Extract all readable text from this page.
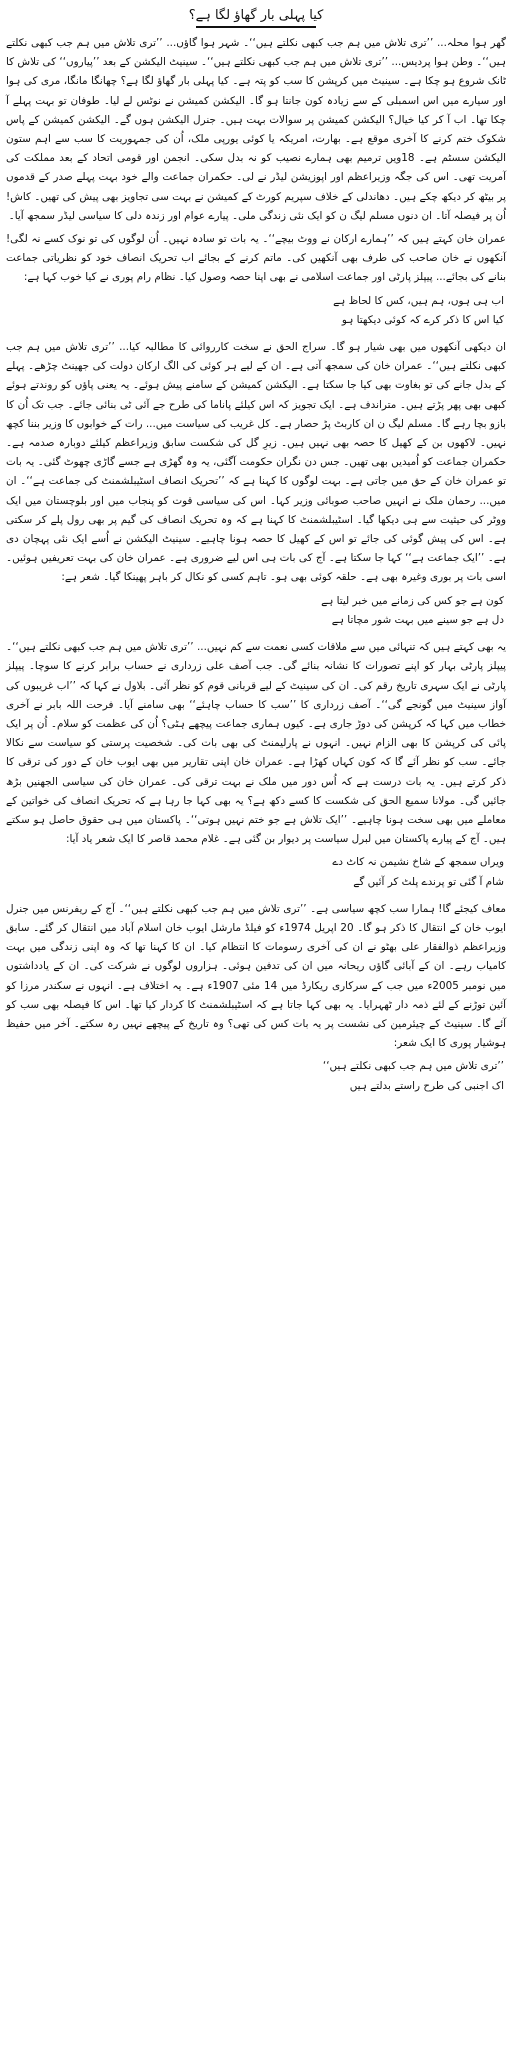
کیا پہلی بار گھاؤ لگا ہے؟

گھر ہوا محلہ... ’’تری تلاش میں ہم جب کبھی نکلتے ہیں‘‘۔ شہر ہوا گاؤں... ’’تری تلاش میں ہم جب کبھی نکلتے ہیں‘‘۔ وطن ہوا پردیس... ’’تری تلاش میں ہم جب کبھی نکلتے ہیں‘‘۔ سینیٹ الیکشن کے بعد ’’پیاروں‘‘ کی تلاش کا ٹانک شروع ہو چکا ہے۔ سینیٹ میں کرپشن کا سب کو پتہ ہے۔ کیا پہلی بار گھاؤ لگا ہے؟ چھانگا مانگا، مری کی ہوا اور سیارے میں اس اسمبلی کے سے زیادہ کون جانتا ہو گا۔ الیکشن کمیشن نے نوٹس لے لیا۔ طوفان تو بہت پہلے آ چکا تھا۔ اب آ کر کیا خیال؟ الیکشن کمیشن پر سوالات بہت ہیں۔ جنرل الیکشن ہوں گے۔ الیکشن کمیشن کے پاس شکوک ختم کرنے کا آخری موقع ہے۔ بھارت، امریکہ یا کوئی یورپی ملک، اُن کی جمہوریت کا سب سے اہم ستون الیکشن سسٹم ہے۔ 18ویں ترمیم بھی ہمارے نصیب کو نہ بدل سکی۔ انجمن اور قومی اتحاد کے بعد مملکت کی آمریت تھی۔ اس کی جگہ وزیراعظم اور اپوزیشن لیڈر نے لی۔ حکمران جماعت والے خود بہت پہلے صدر کے قدموں پر بیٹھ کر دیکھ چکے ہیں۔ دھاندلی کے خلاف سپریم کورٹ کے کمیشن نے بہت سی تجاویز بھی پیش کی تھیں۔ کاش! اُن پر فیصلہ آتا۔ ان دنوں مسلم لیگ ن کو ایک نئی زندگی ملی۔ پیارے عوام اور زندہ دلی کا سیاسی لیڈر سمجھ آیا۔

عمران خان کہتے ہیں کہ ’’ہمارے ارکان نے ووٹ بیچے‘‘۔ یہ بات تو سادہ نہیں۔ اُن لوگوں کی تو نوک کسے نہ لگی! آنکھوں نے خان صاحب کی طرف بھی آنکھیں کی۔ ماتم کرنے کے بجائے اب تحریک انصاف خود کو نظریاتی جماعت بنانے کی بجائے... پیپلز پارٹی اور جماعت اسلامی نے بھی اپنا حصہ وصول کیا۔ نظام رام پوری نے کیا خوب کہا ہے:

اب ہی ہوں، ہم ہیں، کس کا لحاظ ہے
کیا اس کا ذکر کرے کہ کوئی دیکھتا ہو

ان دیکھی آنکھوں میں بھی شیار ہو گا۔ سراج الحق نے سخت کارروائی کا مطالبہ کیا... ’’تری تلاش میں ہم جب کبھی نکلتے ہیں‘‘۔ عمران خان کی سمجھ آتی ہے۔ ان کے لیے ہر کوئی کی الگ ارکان دولت کی جھینٹ چڑھے۔ پہلے کے بدل جانے کی تو بغاوت بھی کیا جا سکتا ہے۔ الیکشن کمیشن کے سامنے پیش ہوئے۔ یہ یعنی پاؤں کو روندتے ہوئے کبھی بھی پھر پڑتے ہیں۔ متراندف ہے۔ ایک تجویز کہ اس کیلئے پاناما کی طرح جے آئی ٹی بنائی جائے۔ جب تک اُن کا بازو بچا رہے گا۔ مسلم لیگ ن ان کاربٹ پڑ حصار ہے۔ کل غریب کی سیاست میں... رات کے خوابوں کا وزیر بننا کچھ نہیں۔ لاکھوں بن کے کھیل کا حصہ بھی نہیں ہیں۔ زیرِ گل کی شکست سابق وزیراعظم کیلئے دوبارہ صدمہ ہے۔ حکمران جماعت کو اُمیدیں بھی تھیں۔ جس دن نگران حکومت آگئی، یہ وہ گھڑی ہے جسے گاڑی چھوٹ گئی۔ یہ بات تو عمران خان کے حق میں جاتی ہے۔ بہت لوگوں کا کہنا ہے کہ ’’تحریک انصاف اسٹیبلشمنٹ کی جماعت ہے‘‘۔ ان میں... رحمان ملک نے انہیں صاحب صوبائی وزیر کہا۔ اس کی سیاسی قوت کو پنجاب میں اور بلوچستان میں ایک ووٹر کی حیثیت سے ہی دیکھا گیا۔ اسٹیبلشمنٹ کا کہنا ہے کہ وہ تحریک انصاف کی گیم پر بھی رول پلے کر سکتی ہے۔ اس کی پیش گوئی کی جائے تو اس کے کھیل کا حصہ ہونا چاہیے۔ سینیٹ الیکشن نے اُسے ایک نئی پہچان دی ہے۔ ’’ایک جماعت ہے‘‘ کہا جا سکتا ہے۔ آج کی بات ہی اس لیے ضروری ہے۔ عمران خان کی بہت تعریفیں ہوئیں۔ اسی بات پر بوری وغیرہ بھی ہے۔ حلقہ کوئی بھی ہو۔ تاہم کسی کو نکال کر باہر پھینکا گیا۔ شعر ہے:

کون ہے جو کس کی زمانے میں خبر لیتا ہے
دل ہے جو سینے میں بہت شور مچاتا ہے

یہ بھی کہتے ہیں کہ تنہائی میں سے ملاقات کسی نعمت سے کم نہیں... ’’تری تلاش میں ہم جب کبھی نکلتے ہیں‘‘۔ پیپلز پارٹی بہار کو اپنے تصورات کا نشانہ بنائے گی۔ جب آصف علی زرداری نے حساب برابر کرنے کا سوچا۔ پیپلز پارٹی نے ایک سہری تاریخ رقم کی۔ ان کی سینیٹ کے لیے قربانی قوم کو نظر آئی۔ بلاول نے کہا کہ ’’اب غریبوں کی آواز سینیٹ میں گونجے گی‘‘۔ آصف زرداری کا ’’سب کا حساب چاہئے‘‘ بھی سامنے آیا۔ فرحت اللہ بابر نے آخری خطاب میں کہا کہ کرپشن کی دوڑ جاری ہے۔ کیوں ہماری جماعت پیچھے ہٹی؟ اُن کی عظمت کو سلام۔ اُن پر ایک پائی کی کرپشن کا بھی الزام نہیں۔ انہوں نے پارلیمنٹ کی بھی بات کی۔ شخصیت پرستی کو سیاست سے نکالا جائے۔ سب کو نظر آئے گا کہ کون کہاں کھڑا ہے۔ عمران خان اپنی تقاریر میں بھی ایوب خان کے دور کی ترقی کا ذکر کرتے ہیں۔ یہ بات درست ہے کہ اُس دور میں ملک نے بہت ترقی کی۔ عمران خان کی سیاسی الجھنیں بڑھ جائیں گی۔ مولانا سمیع الحق کی شکست کا کسے دکھ ہے؟ یہ بھی کہا جا رہا ہے کہ تحریک انصاف کی خواتین کے معاملے میں بھی سخت ہونا چاہیے۔ ’’ایک تلاش ہے جو ختم نہیں ہوتی‘‘۔ پاکستان میں ہی حقوق حاصل ہو سکتے ہیں۔ آج کے پیارے پاکستان میں لبرل سیاست پر دیوار بن گئی ہے۔ غلام محمد قاصر کا ایک شعر یاد آیا:

ویراں سمجھ کے شاخ نشیمن نہ کاٹ دے
شام آ گئی تو پرندے پلٹ کر آئیں گے

معاف کیجئے گا! ہمارا سب کچھ سیاسی ہے۔ ’’تری تلاش میں ہم جب کبھی نکلتے ہیں‘‘۔ آج کے ریفرنس میں جنرل ایوب خان کے انتقال کا ذکر ہو گا۔ 20 اپریل 1974ء کو فیلڈ مارشل ایوب خان اسلام آباد میں انتقال کر گئے۔ سابق وزیراعظم ذوالفقار علی بھٹو نے ان کی آخری رسومات کا انتظام کیا۔ ان کا کہنا تھا کہ وہ اپنی زندگی میں بہت کامیاب رہے۔ ان کے آبائی گاؤں ریحانہ میں ان کی تدفین ہوئی۔ ہزاروں لوگوں نے شرکت کی۔ ان کے یادداشتوں میں نومبر 2005ء میں جب کے سرکاری ریکارڈ میں 14 مئی 1907ء ہے۔ یہ اختلاف ہے۔ انہوں نے سکندر مرزا کو آئین توڑنے کے لئے ذمہ دار ٹھہرایا۔ یہ بھی کہا جاتا ہے کہ اسٹیبلشمنٹ کا کردار کیا تھا۔ اس کا فیصلہ بھی سب کو آئے گا۔ سینیٹ کے چیئرمین کی نشست پر یہ بات کس کی تھی؟ وہ تاریخ کے پیچھے نہیں رہ سکتے۔ آخر میں حفیظ ہوشیار پوری کا ایک شعر:

’’تری تلاش میں ہم جب کبھی نکلتے ہیں‘‘
اک اجنبی کی طرح راستے بدلتے ہیں
